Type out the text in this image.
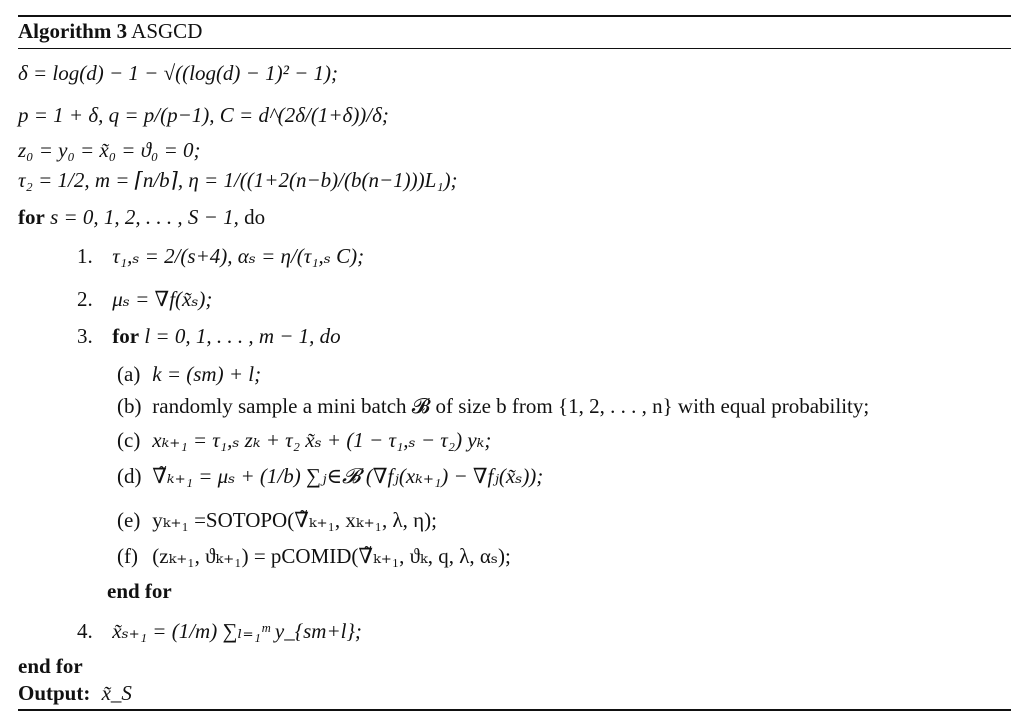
Algorithm 3 ASGCD
δ = log(d) − 1 − √((log(d) − 1)² − 1);
p = 1 + δ, q = p/(p−1), C = d^(2δ/(1+δ))/δ;
z₀ = y₀ = x̃₀ = ϑ₀ = 0;
τ₂ = 1/2, m = ⌈n/b⌉, η = 1/((1+2(n−b)/(b(n−1)))L₁);
for s = 0, 1, 2, . . . , S − 1, do
1. τ₁,ₛ = 2/(s+4), αₛ = η/(τ₁,ₛ C);
2. μₛ = ∇f(x̃ₛ);
3. for l = 0, 1, . . . , m − 1, do
(a) k = (sm) + l;
(b) randomly sample a mini batch 𝓑 of size b from {1, 2, . . . , n} with equal probability;
(c) xₖ₊₁ = τ₁,ₛ zₖ + τ₂ x̃ₛ + (1 − τ₁,ₛ − τ₂) yₖ;
(d) ∇̃ₖ₊₁ = μₛ + (1/b) ∑ⱼ∈𝓑 (∇fⱼ(xₖ₊₁) − ∇fⱼ(x̃ₛ));
(e) yₖ₊₁ =SOTOPO(∇̃ₖ₊₁, xₖ₊₁, λ, η);
(f) (zₖ₊₁, ϑₖ₊₁) = pCOMID(∇̃ₖ₊₁, ϑₖ, q, λ, αₛ);
end for
4. x̃ₛ₊₁ = (1/m) ∑ₗ₌₁ᵐ y_{sm+l};
end for
Output: x̃_S
